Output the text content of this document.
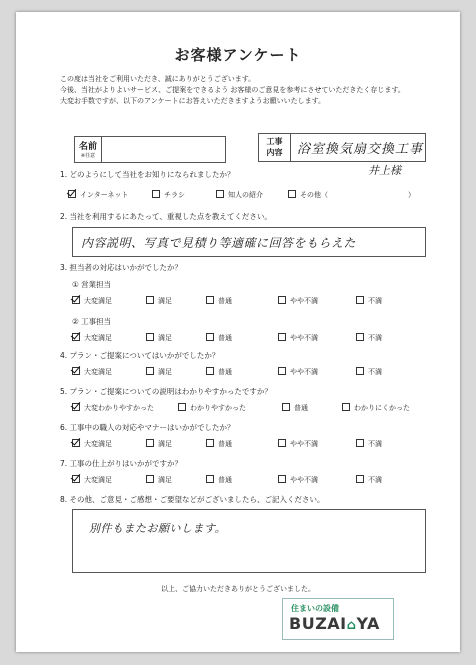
お客様アンケート
この度は当社をご利用いただき、誠にありがとうございます。
今後、当社がよりよいサービス、ご提案をできるよう お客様のご意見を参考にさせていただきたく存じます。
大変お手数ですが、以下のアンケートにお答えいただきますようお願いいたします。
名前
※任意
工事
内容	浴室換気扇交換工事
井上様
1. どのようにして当社をお知りになられましたか？
インターネット	チラシ	知人の紹介	その他（	）
2. 当社を利用するにあたって、重視した点を教えてください。
内容説明、写真で見積り等適確に回答をもらえた
3. 担当者の対応はいかがでしたか？
① 営業担当
大変満足	満足	普通	やや不満	不満
② 工事担当
大変満足	満足	普通	やや不満	不満
4. プラン・ご提案についてはいかがでしたか？
大変満足	満足	普通	やや不満	不満
5. プラン・ご提案についての説明はわかりやすかったですか？
大変わかりやすかった	わかりやすかった	普通	わかりにくかった
6. 工事中の職人の対応やマナーはいかがでしたか？
大変満足	満足	普通	やや不満	不満
7. 工事の仕上がりはいかがですか？
大変満足	満足	普通	やや不満	不満
8. その他、ご意見・ご感想・ご要望などがございましたら、ご記入ください。
別件もまたお願いします。
以上、ご協力いただきありがとうございました。
住まいの設備
BUZAI⌂YA
